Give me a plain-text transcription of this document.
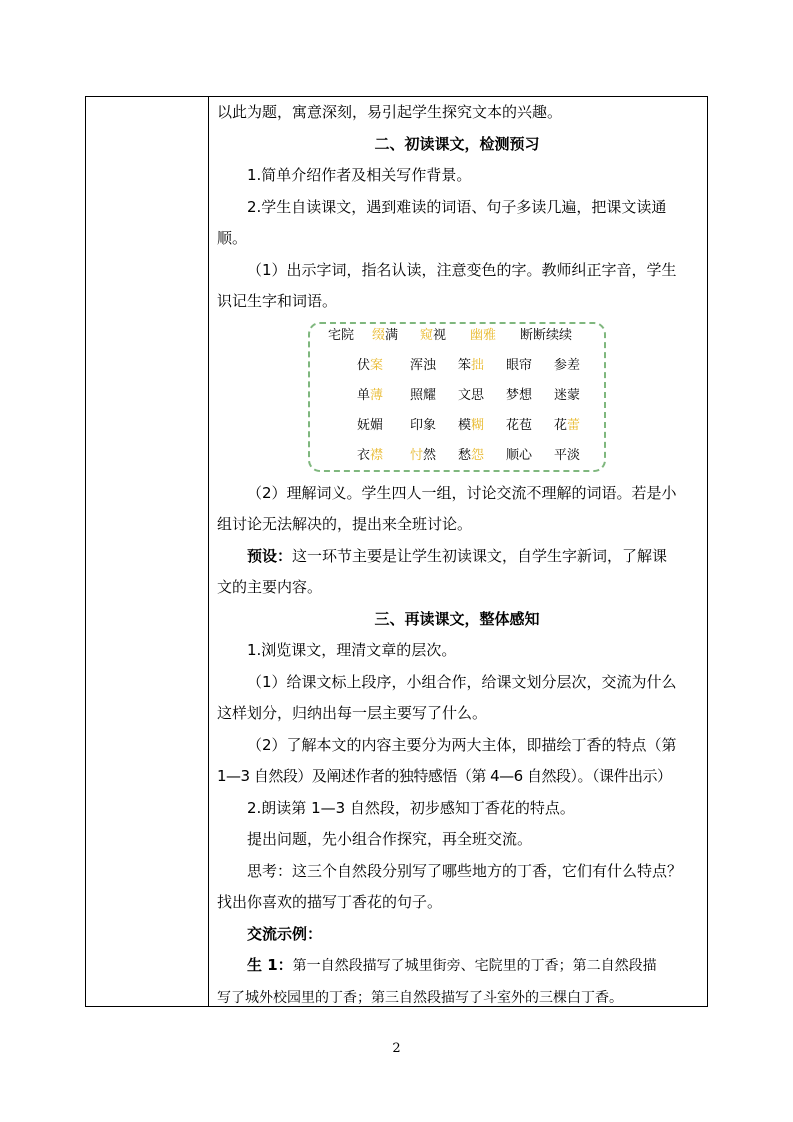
以此为题，寓意深刻，易引起学生探究文本的兴趣。

二、初读课文，检测预习

1.简单介绍作者及相关写作背景。

2.学生自读课文，遇到难读的词语、句子多读几遍，把课文读通

顺。

（1）出示字词，指名认读，注意变色的字。教师纠正字音，学生

识记生字和词语。

宅院 缀满 窥视 幽雅 断断续续
伏案 浑浊 笨拙 眼帘 参差
单薄 照耀 文思 梦想 迷蒙
妩媚 印象 模糊 花苞 花蕾
衣襟 忖然 愁怨 顺心 平淡

（2）理解词义。学生四人一组，讨论交流不理解的词语。若是小

组讨论无法解决的，提出来全班讨论。

预设：这一环节主要是让学生初读课文，自学生字新词，了解课

文的主要内容。

三、再读课文，整体感知

1.浏览课文，理清文章的层次。

（1）给课文标上段序，小组合作，给课文划分层次，交流为什么

这样划分，归纳出每一层主要写了什么。

（2）了解本文的内容主要分为两大主体，即描绘丁香的特点（第

1—3 自然段）及阐述作者的独特感悟（第 4—6 自然段）。（课件出示）

2.朗读第 1—3 自然段，初步感知丁香花的特点。

提出问题，先小组合作探究，再全班交流。

思考：这三个自然段分别写了哪些地方的丁香，它们有什么特点？

找出你喜欢的描写丁香花的句子。

交流示例：

生 1：第一自然段描写了城里街旁、宅院里的丁香；第二自然段描

写了城外校园里的丁香；第三自然段描写了斗室外的三棵白丁香。

2
